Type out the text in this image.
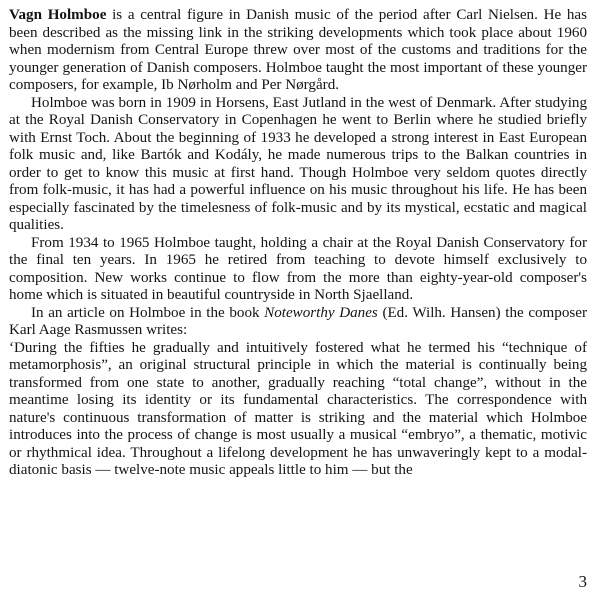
Vagn Holmboe is a central figure in Danish music of the period after Carl Nielsen. He has been described as the missing link in the striking developments which took place about 1960 when modernism from Central Europe threw over most of the customs and traditions for the younger generation of Danish composers. Holmboe taught the most important of these younger composers, for example, Ib Nørholm and Per Nørgård.

Holmboe was born in 1909 in Horsens, East Jutland in the west of Denmark. After studying at the Royal Danish Conservatory in Copenhagen he went to Berlin where he studied briefly with Ernst Toch. About the beginning of 1933 he developed a strong interest in East European folk music and, like Bartók and Kodály, he made numerous trips to the Balkan countries in order to get to know this music at first hand. Though Holmboe very seldom quotes directly from folk-music, it has had a powerful influence on his music throughout his life. He has been especially fascinated by the timelesness of folk-music and by its mystical, ecstatic and magical qualities.

From 1934 to 1965 Holmboe taught, holding a chair at the Royal Danish Conservatory for the final ten years. In 1965 he retired from teaching to devote himself exclusively to composition. New works continue to flow from the more than eighty-year-old composer's home which is situated in beautiful countryside in North Sjaelland.

In an article on Holmboe in the book Noteworthy Danes (Ed. Wilh. Hansen) the composer Karl Aage Rasmussen writes:

‘During the fifties he gradually and intuitively fostered what he termed his “technique of metamorphosis”, an original structural principle in which the material is continually being transformed from one state to another, gradually reaching “total change”, without in the meantime losing its identity or its fundamental characteristics. The correspondence with nature's continuous transformation of matter is striking and the material which Holmboe introduces into the process of change is most usually a musical “embryo”, a thematic, motivic or rhythmical idea. Throughout a lifelong development he has unwaveringly kept to a modal-diatonic basis — twelve-note music appeals little to him — but the

3
